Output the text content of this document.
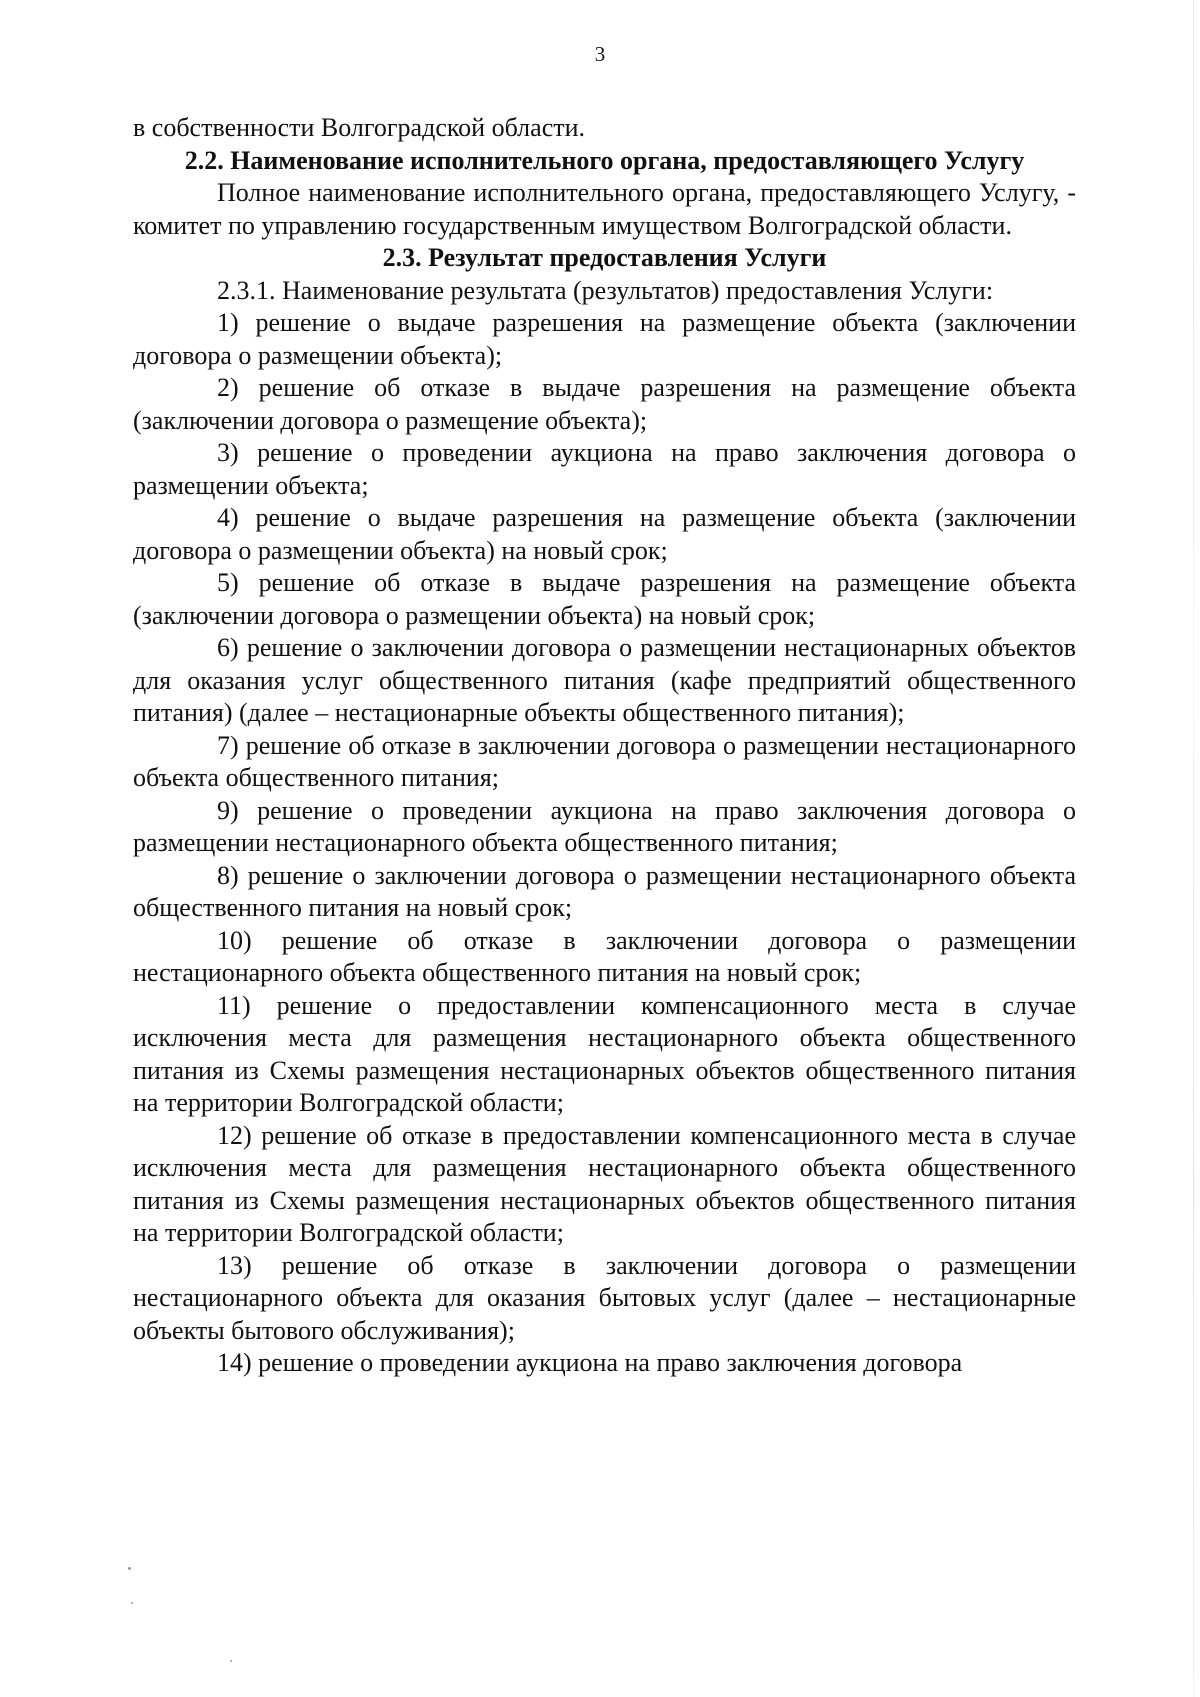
3

в собственности Волгоградской области.

2.2. Наименование исполнительного органа, предоставляющего Услугу

Полное наименование исполнительного органа, предоставляющего Услугу, - комитет по управлению государственным имуществом Волгоградской области.

2.3. Результат предоставления Услуги

2.3.1. Наименование результата (результатов) предоставления Услуги:

1) решение о выдаче разрешения на размещение объекта (заключении договора о размещении объекта);

2) решение об отказе в выдаче разрешения на размещение объекта (заключении договора о размещение объекта);

3) решение о проведении аукциона на право заключения договора о размещении объекта;

4) решение о выдаче разрешения на размещение объекта (заключении договора о размещении объекта) на новый срок;

5) решение об отказе в выдаче разрешения на размещение объекта (заключении договора о размещении объекта) на новый срок;

6) решение о заключении договора о размещении нестационарных объектов для оказания услуг общественного питания (кафе предприятий общественного питания) (далее – нестационарные объекты общественного питания);

7) решение об отказе в заключении договора о размещении нестационарного объекта общественного питания;

9) решение о проведении аукциона на право заключения договора о размещении нестационарного объекта общественного питания;

8) решение о заключении договора о размещении нестационарного объекта общественного питания на новый срок;

10) решение об отказе в заключении договора о размещении нестационарного объекта общественного питания на новый срок;

11) решение о предоставлении компенсационного места в случае исключения места для размещения нестационарного объекта общественного питания из Схемы размещения нестационарных объектов общественного питания на территории Волгоградской области;

12) решение об отказе в предоставлении компенсационного места в случае исключения места для размещения нестационарного объекта общественного питания из Схемы размещения нестационарных объектов общественного питания на территории Волгоградской области;

13) решение об отказе в заключении договора о размещении нестационарного объекта для оказания бытовых услуг (далее – нестационарные объекты бытового обслуживания);

14) решение о проведении аукциона на право заключения договора
